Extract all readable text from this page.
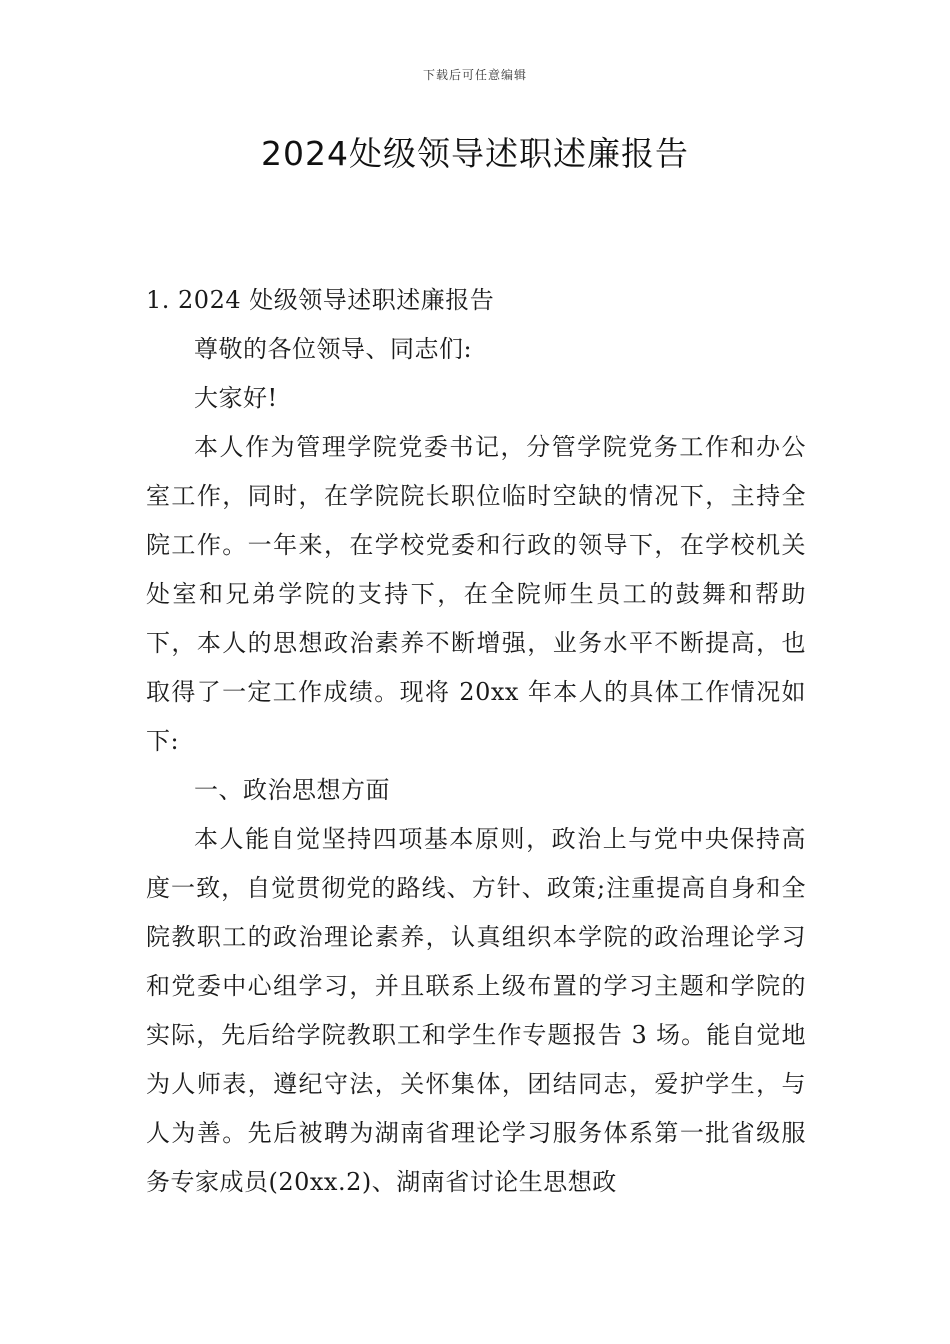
下载后可任意编辑
2024处级领导述职述廉报告

1. 2024 处级领导述职述廉报告

尊敬的各位领导、同志们:

大家好!

本人作为管理学院党委书记，分管学院党务工作和办公室工作，同时，在学院院长职位临时空缺的情况下，主持全院工作。一年来，在学校党委和行政的领导下，在学校机关处室和兄弟学院的支持下，在全院师生员工的鼓舞和帮助下，本人的思想政治素养不断增强，业务水平不断提高，也取得了一定工作成绩。现将 20xx 年本人的具体工作情况如下:

一、政治思想方面

本人能自觉坚持四项基本原则，政治上与党中央保持高度一致，自觉贯彻党的路线、方针、政策;注重提高自身和全院教职工的政治理论素养，认真组织本学院的政治理论学习和党委中心组学习，并且联系上级布置的学习主题和学院的实际，先后给学院教职工和学生作专题报告 3 场。能自觉地为人师表，遵纪守法，关怀集体，团结同志，爱护学生，与人为善。先后被聘为湖南省理论学习服务体系第一批省级服务专家成员(20xx.2)、湖南省讨论生思想政
